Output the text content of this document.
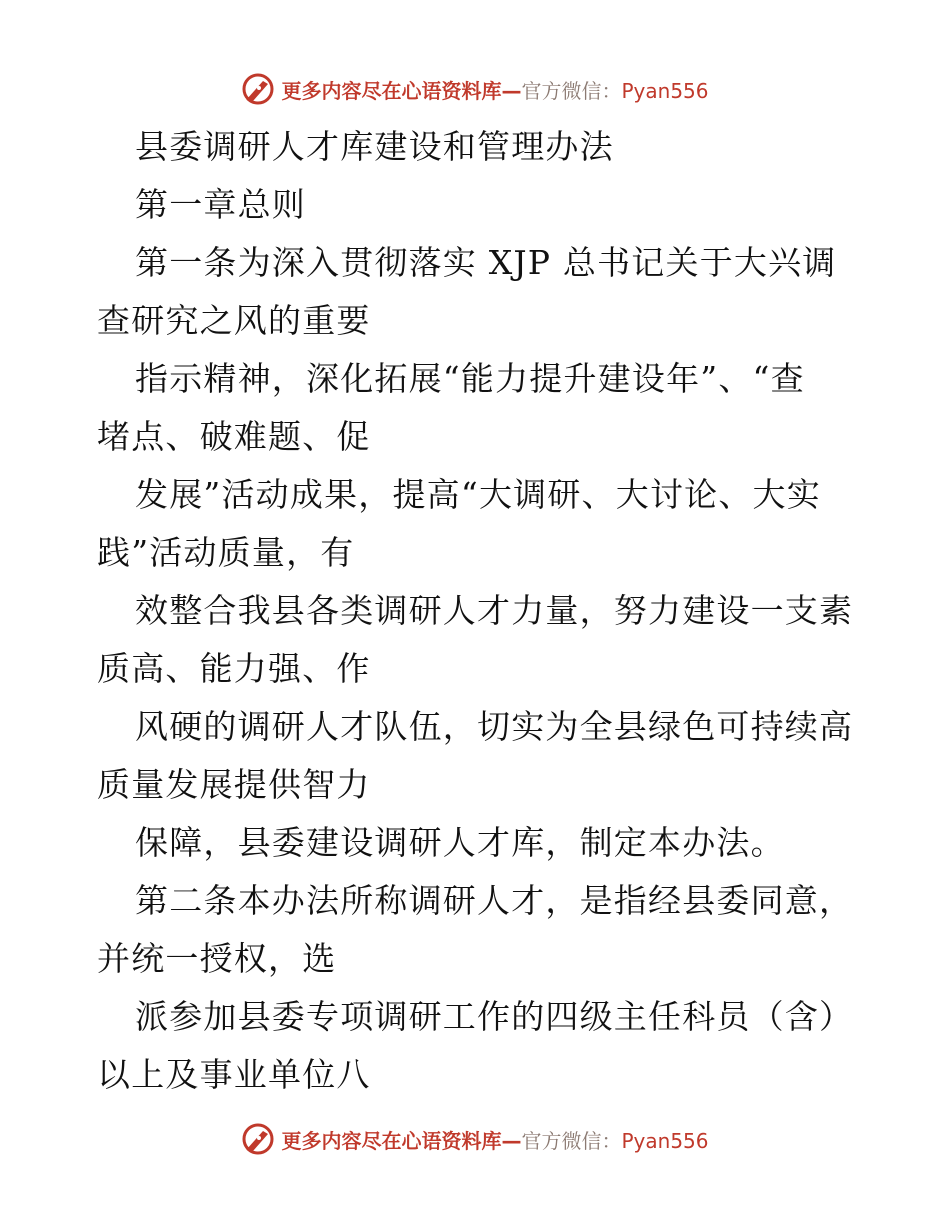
更多内容尽在心语资料库—官方微信：Pyan556
县委调研人才库建设和管理办法
第一章总则
第一条为深入贯彻落实 XJP 总书记关于大兴调
查研究之风的重要
指示精神，深化拓展“能力提升建设年”、“查
堵点、破难题、促
发展”活动成果，提高“大调研、大讨论、大实
践”活动质量，有
效整合我县各类调研人才力量，努力建设一支素
质高、能力强、作
风硬的调研人才队伍，切实为全县绿色可持续高
质量发展提供智力
保障，县委建设调研人才库，制定本办法。
第二条本办法所称调研人才，是指经县委同意，
并统一授权，选
派参加县委专项调研工作的四级主任科员（含）
以上及事业单位八
更多内容尽在心语资料库—官方微信：Pyan556
